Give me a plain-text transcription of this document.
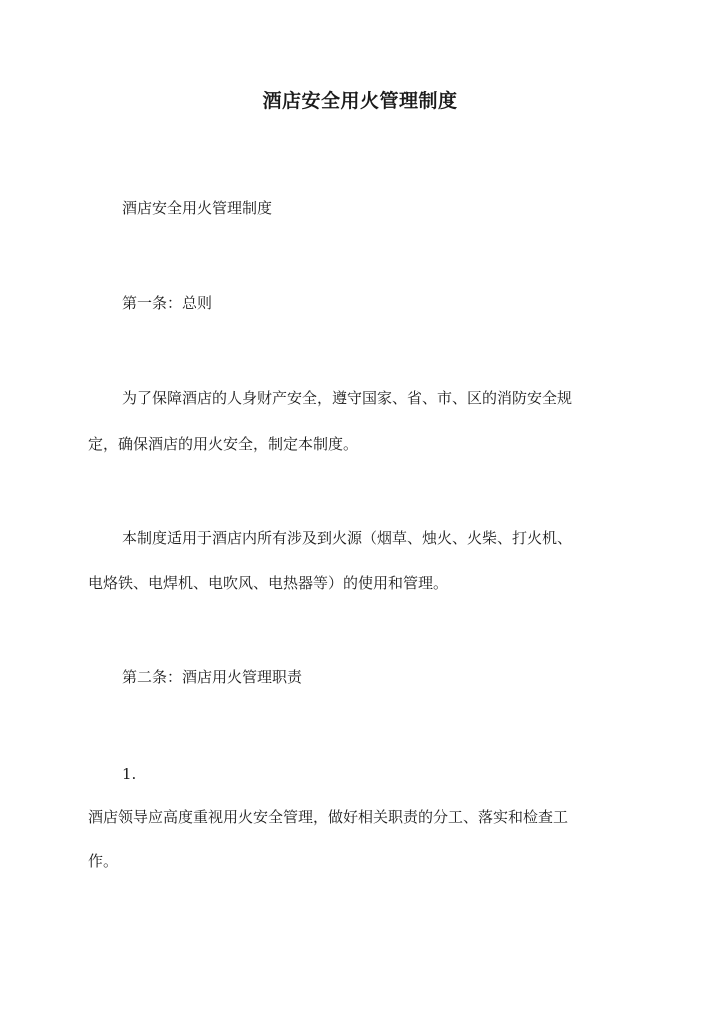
酒店安全用火管理制度
酒店安全用火管理制度
第一条：总则
为了保障酒店的人身财产安全，遵守国家、省、市、区的消防安全规
定，确保酒店的用火安全，制定本制度。
本制度适用于酒店内所有涉及到火源（烟草、烛火、火柴、打火机、
电烙铁、电焊机、电吹风、电热器等）的使用和管理。
第二条：酒店用火管理职责
1.
酒店领导应高度重视用火安全管理，做好相关职责的分工、落实和检查工
作。
